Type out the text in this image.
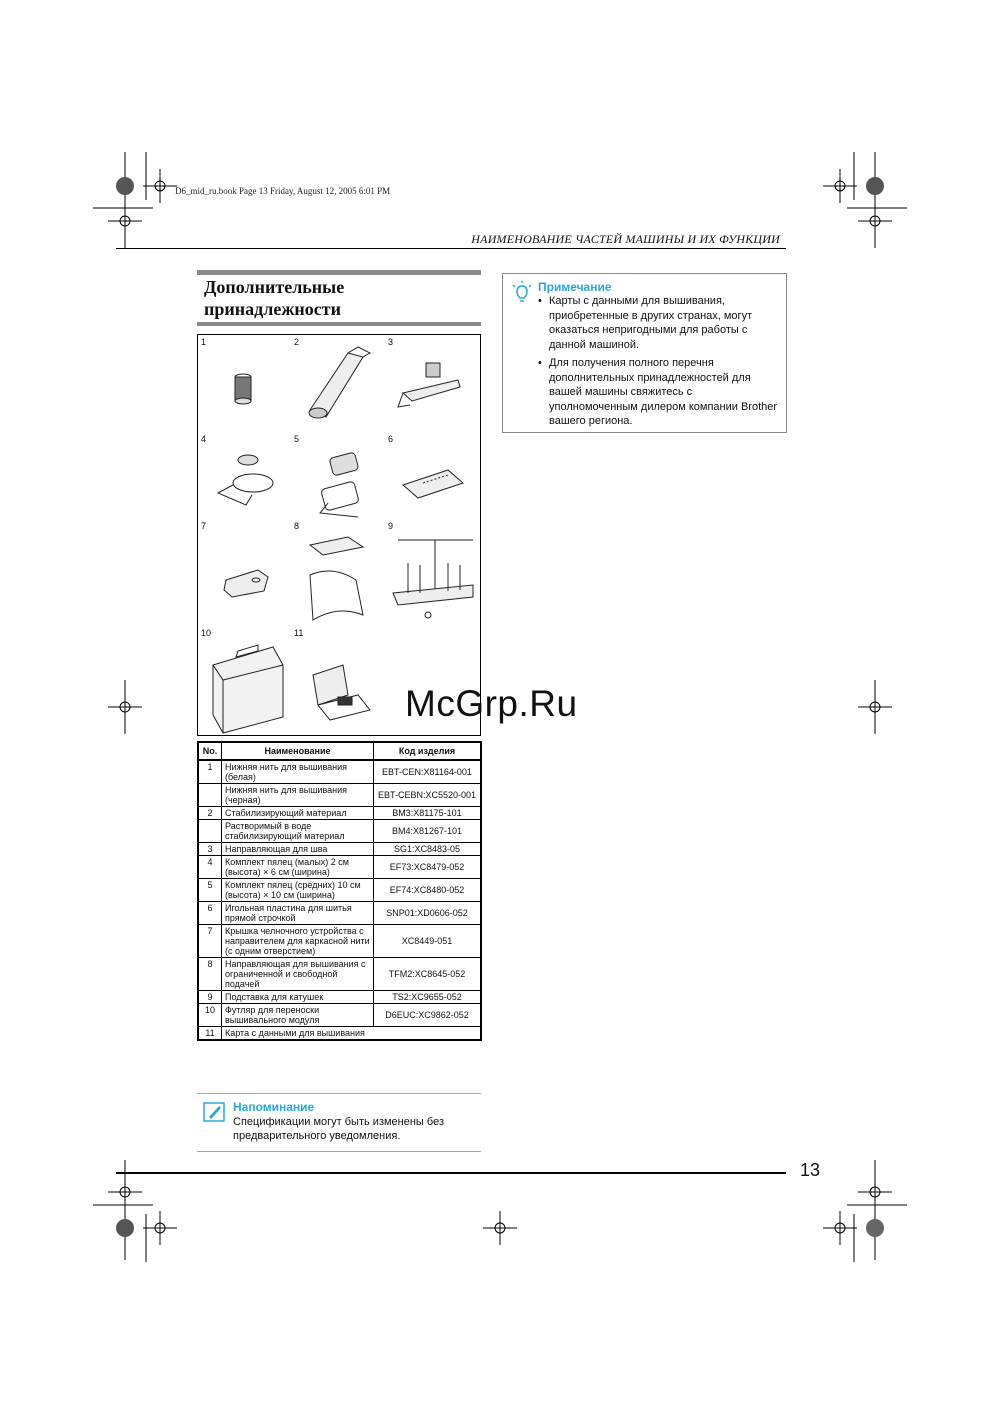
D6_mid_ru.book Page 13 Friday, August 12, 2005 6:01 PM
НАИМЕНОВАНИЕ ЧАСТЕЙ МАШИНЫ И ИХ ФУНКЦИИ
Дополнительные
принадлежности
1	2	3
4	5	6
7	8	9
10	11
No.	Наименование	Код изделия
1	Нижняя нить для вышивания (белая)	EBT-CEN:X81164-001
	Нижняя нить для вышивания (черная)	EBT-CEBN:XC5520-001
2	Стабилизирующий материал	BM3:X81175-101
	Растворимый в воде стабилизирующий материал	BM4:X81267-101
3	Направляющая для шва	SG1:XC8483-05
4	Комплект пялец (малых) 2 см (высота) × 6 см (ширина)	EF73:XC8479-052
5	Комплект пялец (средних) 10 см (высота) × 10 см (ширина)	EF74:XC8480-052
6	Игольная пластина для шитья прямой строчкой	SNP01:XD0606-052
7	Крышка челночного устройства с направителем для каркасной нити (с одним отверстием)	XC8449-051
8	Направляющая для вышивания с ограниченной и свободной подачей	TFM2:XC8645-052
9	Подставка для катушек	TS2:XC9655-052
10	Футляр для переноски вышивального модуля	D6EUC:XC9862-052
11	Карта с данными для вышивания	
Напоминание
Спецификации могут быть изменены без предварительного уведомления.
Примечание
• Карты с данными для вышивания, приобретенные в других странах, могут оказаться непригодными для работы с данной машиной.
• Для получения полного перечня дополнительных принадлежностей для вашей машины свяжитесь с уполномоченным дилером компании Brother вашего региона.
McGrp.Ru
13
